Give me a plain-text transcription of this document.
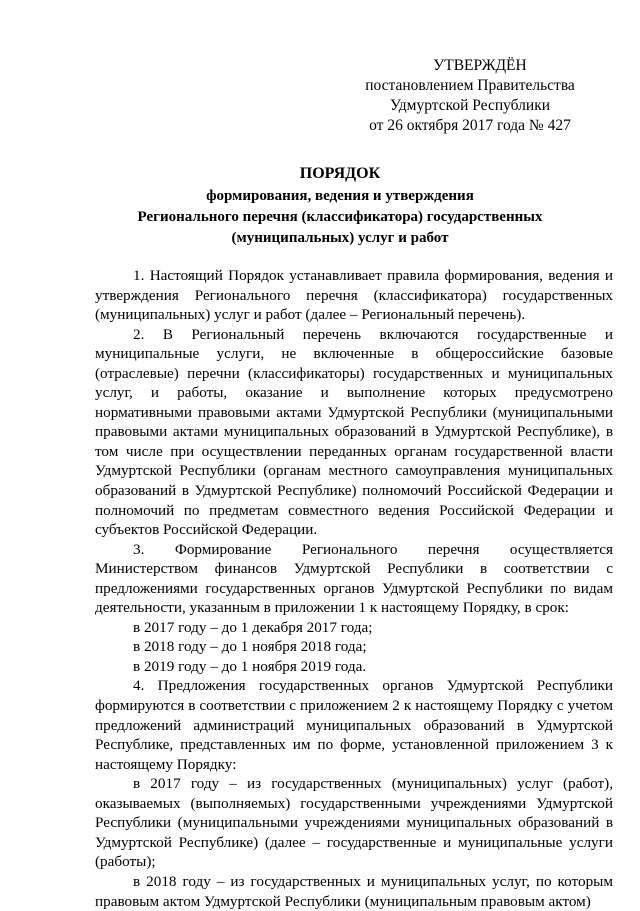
УТВЕРЖДЁН
постановлением Правительства
Удмуртской Республики
от 26 октября 2017 года № 427
ПОРЯДОК
формирования, ведения и утверждения
Регионального перечня (классификатора) государственных
(муниципальных) услуг и работ

1. Настоящий Порядок устанавливает правила формирования, ведения и утверждения Регионального перечня (классификатора) государственных (муниципальных) услуг и работ (далее – Региональный перечень).

2. В Региональный перечень включаются государственные и муниципальные услуги, не включенные в общероссийские базовые (отраслевые) перечни (классификаторы) государственных и муниципальных услуг, и работы, оказание и выполнение которых предусмотрено нормативными правовыми актами Удмуртской Республики (муниципальными правовыми актами муниципальных образований в Удмуртской Республике), в том числе при осуществлении переданных органам государственной власти Удмуртской Республики (органам местного самоуправления муниципальных образований в Удмуртской Республике) полномочий Российской Федерации и полномочий по предметам совместного ведения Российской Федерации и субъектов Российской Федерации.

3. Формирование Регионального перечня осуществляется Министерством финансов Удмуртской Республики в соответствии с предложениями государственных органов Удмуртской Республики по видам деятельности, указанным в приложении 1 к настоящему Порядку, в срок:

в 2017 году – до 1 декабря 2017 года;

в 2018 году – до 1 ноября 2018 года;

в 2019 году – до 1 ноября 2019 года.

4. Предложения государственных органов Удмуртской Республики формируются в соответствии с приложением 2 к настоящему Порядку с учетом предложений администраций муниципальных образований в Удмуртской Республике, представленных им по форме, установленной приложением 3 к настоящему Порядку:

в 2017 году – из государственных (муниципальных) услуг (работ), оказываемых (выполняемых) государственными учреждениями Удмуртской Республики (муниципальными учреждениями муниципальных образований в Удмуртской Республике) (далее – государственные и муниципальные услуги (работы);

в 2018 году – из государственных и муниципальных услуг, по которым правовым актом Удмуртской Республики (муниципальным правовым актом)
